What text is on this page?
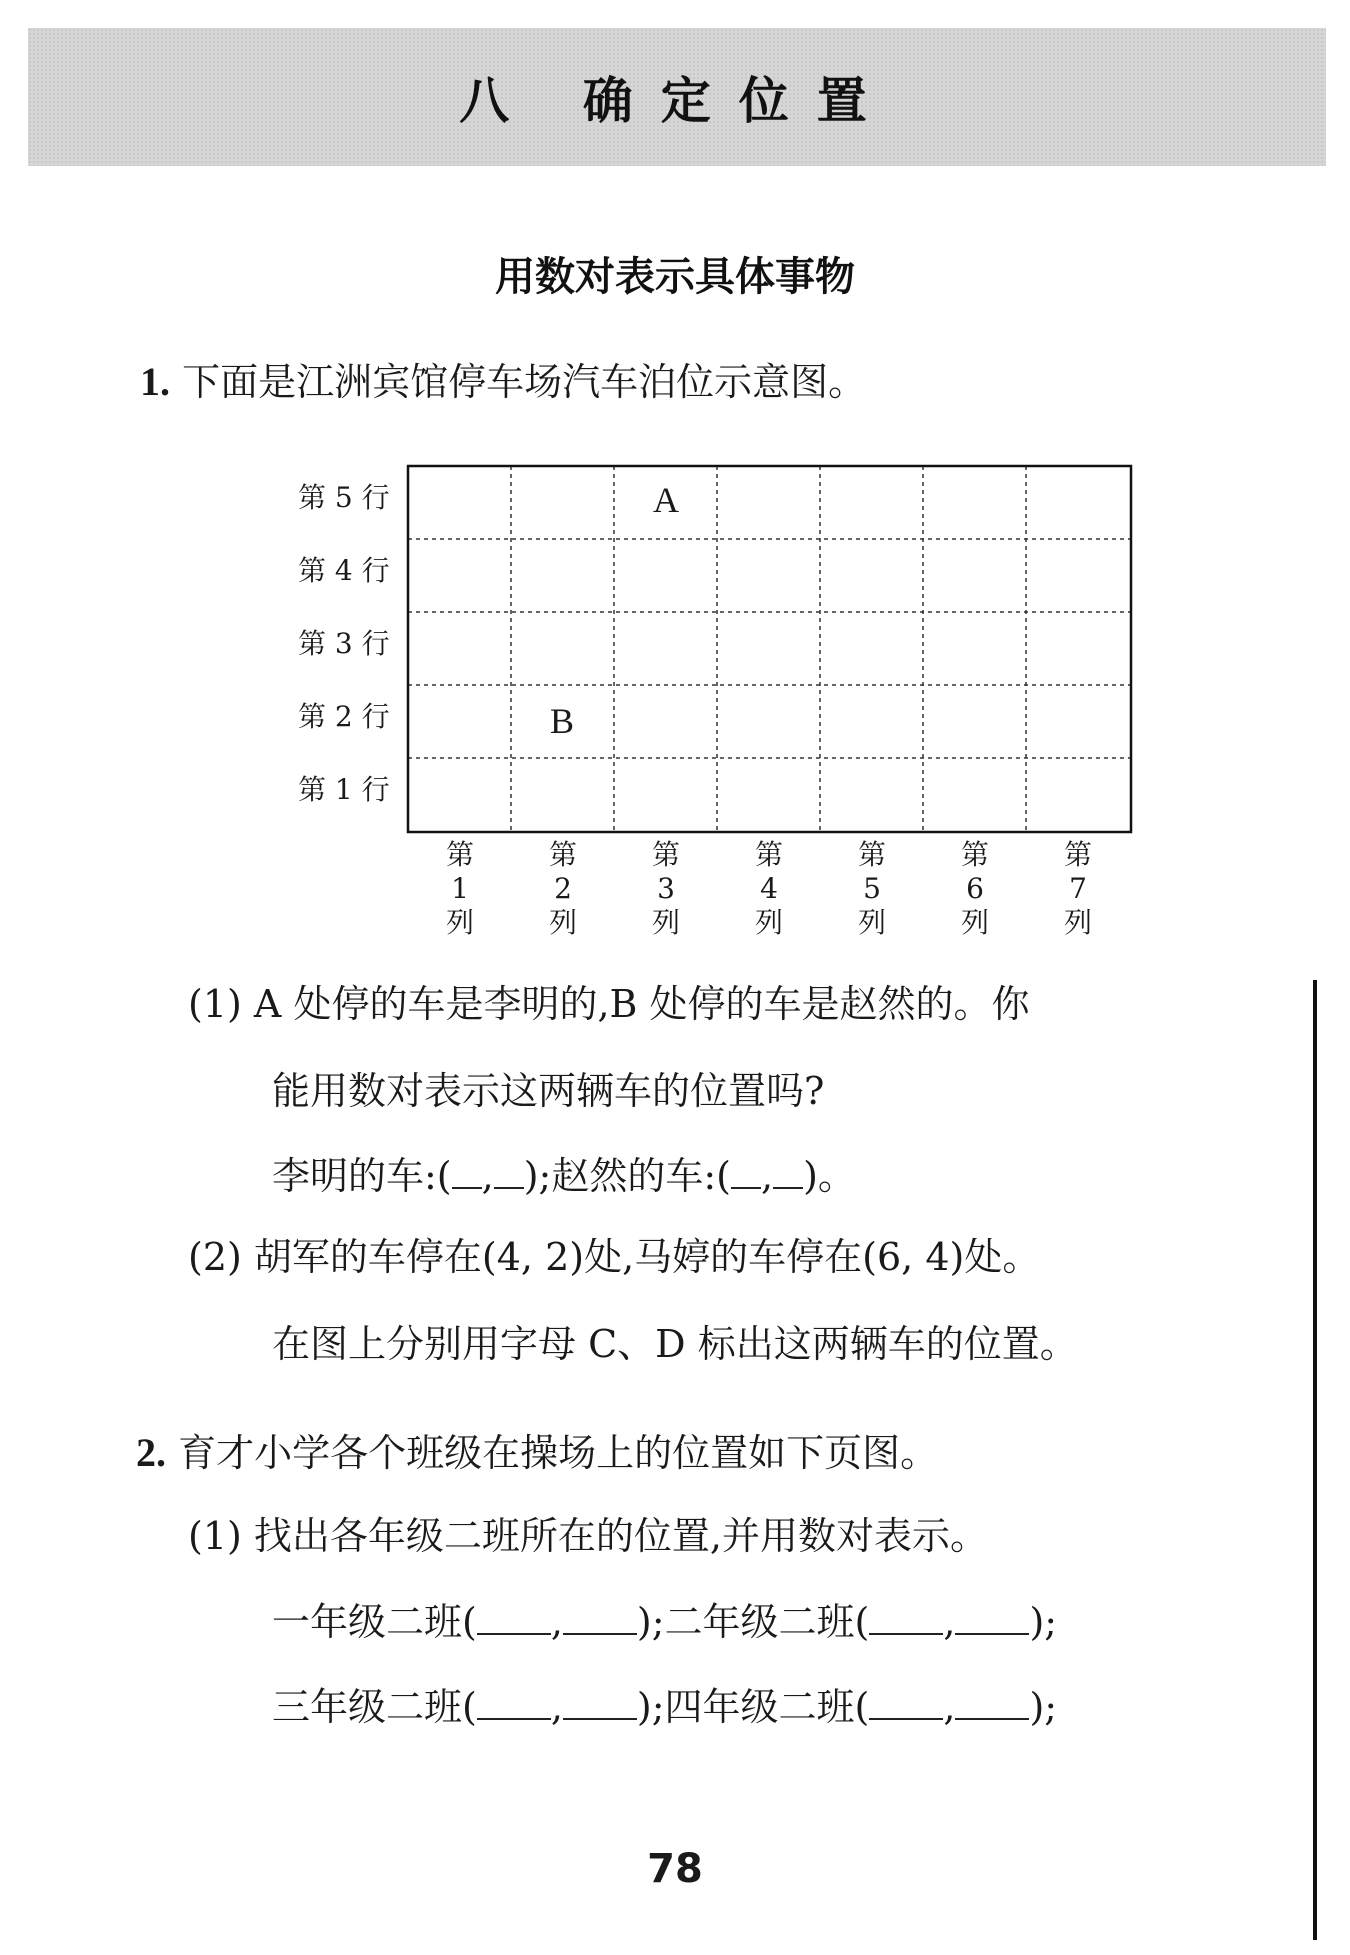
八 确定位置
用数对表示具体事物
1. 下面是江洲宾馆停车场汽车泊位示意图。
第 5 行
第 4 行
第 3 行
第 2 行
第 1 行
第
1
列
第
2
列
第
3
列
第
4
列
第
5
列
第
6
列
第
7
列
A
B
(1) A 处停的车是李明的,B 处停的车是赵然的。你
能用数对表示这两辆车的位置吗?
李明的车:( , );赵然的车:( , )。
(2) 胡军的车停在(4, 2)处,马婷的车停在(6, 4)处。
在图上分别用字母 C、D 标出这两辆车的位置。
2. 育才小学各个班级在操场上的位置如下页图。
(1) 找出各年级二班所在的位置,并用数对表示。
一年级二班( , );二年级二班( , );
三年级二班( , );四年级二班( , );
78
